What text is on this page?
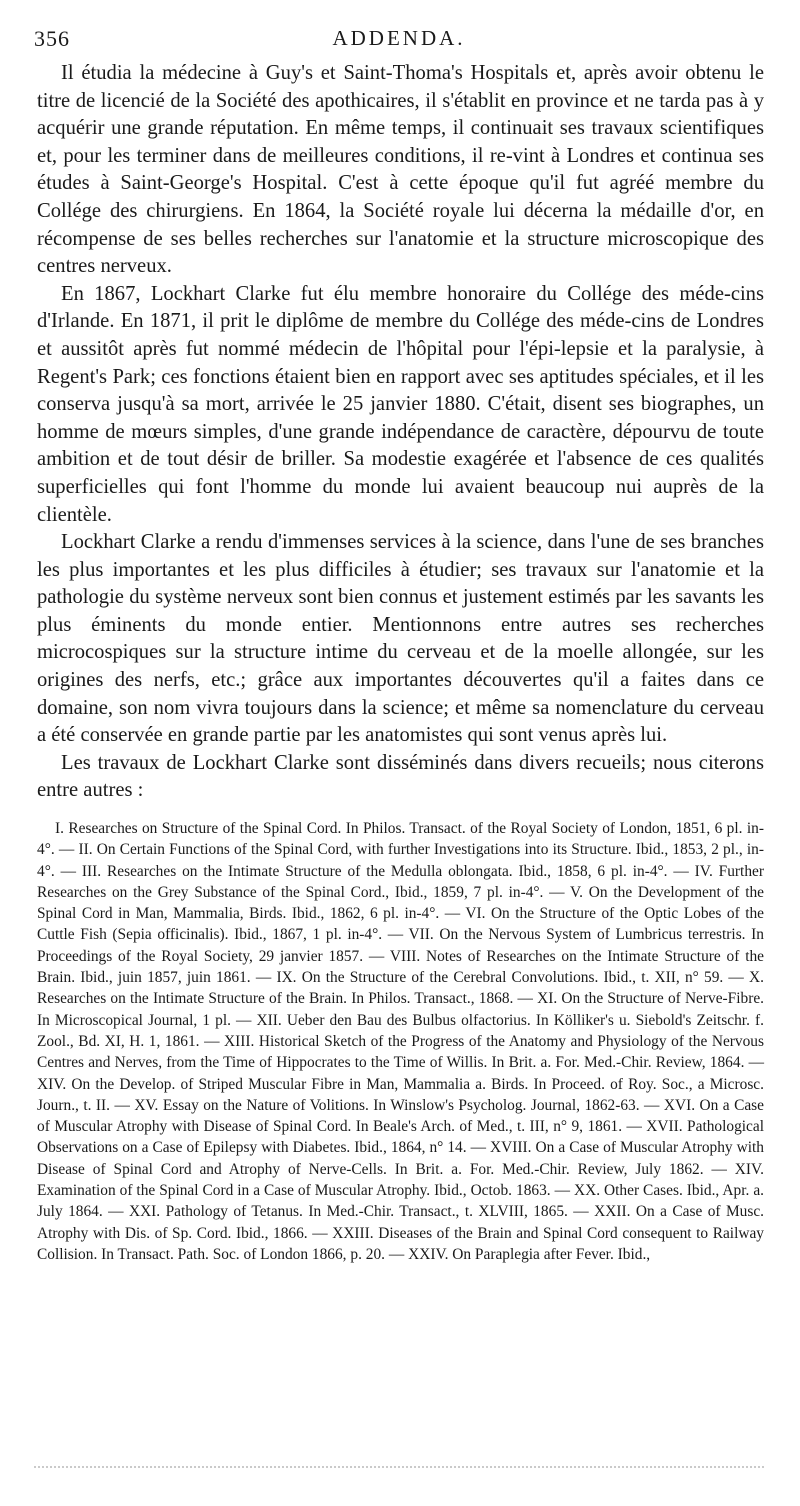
356	ADDENDA.

Il étudia la médecine à Guy's et Saint-Thoma's Hospitals et, après avoir obtenu le titre de licencié de la Société des apothicaires, il s'établit en province et ne tarda pas à y acquérir une grande réputation. En même temps, il continuait ses travaux scientifiques et, pour les terminer dans de meilleures conditions, il re-vint à Londres et continua ses études à Saint-George's Hospital. C'est à cette époque qu'il fut agréé membre du Collége des chirurgiens. En 1864, la Société royale lui décerna la médaille d'or, en récompense de ses belles recherches sur l'anatomie et la structure microscopique des centres nerveux.

En 1867, Lockhart Clarke fut élu membre honoraire du Collége des méde-cins d'Irlande. En 1871, il prit le diplôme de membre du Collége des méde-cins de Londres et aussitôt après fut nommé médecin de l'hôpital pour l'épi-lepsie et la paralysie, à Regent's Park; ces fonctions étaient bien en rapport avec ses aptitudes spéciales, et il les conserva jusqu'à sa mort, arrivée le 25 janvier 1880. C'était, disent ses biographes, un homme de mœurs simples, d'une grande indépendance de caractère, dépourvu de toute ambition et de tout désir de briller. Sa modestie exagérée et l'absence de ces qualités superficielles qui font l'homme du monde lui avaient beaucoup nui auprès de la clientèle.

Lockhart Clarke a rendu d'immenses services à la science, dans l'une de ses branches les plus importantes et les plus difficiles à étudier; ses travaux sur l'anatomie et la pathologie du système nerveux sont bien connus et justement estimés par les savants les plus éminents du monde entier. Mentionnons entre autres ses recherches microcospiques sur la structure intime du cerveau et de la moelle allongée, sur les origines des nerfs, etc.; grâce aux importantes découvertes qu'il a faites dans ce domaine, son nom vivra toujours dans la science; et même sa nomenclature du cerveau a été conservée en grande partie par les anatomistes qui sont venus après lui.

Les travaux de Lockhart Clarke sont disséminés dans divers recueils; nous citerons entre autres :

I. Researches on Structure of the Spinal Cord. In Philos. Transact. of the Royal Society of London, 1851, 6 pl. in-4°. — II. On Certain Functions of the Spinal Cord, with further Investigations into its Structure. Ibid., 1853, 2 pl., in-4°. — III. Researches on the Intimate Structure of the Medulla oblongata. Ibid., 1858, 6 pl. in-4°. — IV. Further Researches on the Grey Substance of the Spinal Cord., Ibid., 1859, 7 pl. in-4°. — V. On the Development of the Spinal Cord in Man, Mammalia, Birds. Ibid., 1862, 6 pl. in-4°. — VI. On the Structure of the Optic Lobes of the Cuttle Fish (Sepia officinalis). Ibid., 1867, 1 pl. in-4°. — VII. On the Nervous System of Lumbricus terrestris. In Proceedings of the Royal Society, 29 janvier 1857. — VIII. Notes of Researches on the Intimate Structure of the Brain. Ibid., juin 1857, juin 1861. — IX. On the Structure of the Cerebral Convolutions. Ibid., t. XII, n° 59. — X. Researches on the Intimate Structure of the Brain. In Philos. Transact., 1868. — XI. On the Structure of Nerve-Fibre. In Microscopical Journal, 1 pl. — XII. Ueber den Bau des Bulbus olfactorius. In Kölliker's u. Siebold's Zeitschr. f. Zool., Bd. XI, H. 1, 1861. — XIII. Historical Sketch of the Progress of the Anatomy and Physiology of the Nervous Centres and Nerves, from the Time of Hippocrates to the Time of Willis. In Brit. a. For. Med.-Chir. Review, 1864. — XIV. On the Develop. of Striped Muscular Fibre in Man, Mammalia a. Birds. In Proceed. of Roy. Soc., a Microsc. Journ., t. II. — XV. Essay on the Nature of Volitions. In Winslow's Psycholog. Journal, 1862-63. — XVI. On a Case of Muscular Atrophy with Disease of Spinal Cord. In Beale's Arch. of Med., t. III, n° 9, 1861. — XVII. Pathological Observations on a Case of Epilepsy with Diabetes. Ibid., 1864, n° 14. — XVIII. On a Case of Muscular Atrophy with Disease of Spinal Cord and Atrophy of Nerve-Cells. In Brit. a. For. Med.-Chir. Review, July 1862. — XIV. Examination of the Spinal Cord in a Case of Muscular Atrophy. Ibid., Octob. 1863. — XX. Other Cases. Ibid., Apr. a. July 1864. — XXI. Pathology of Tetanus. In Med.-Chir. Transact., t. XLVIII, 1865. — XXII. On a Case of Musc. Atrophy with Dis. of Sp. Cord. Ibid., 1866. — XXIII. Diseases of the Brain and Spinal Cord consequent to Railway Collision. In Transact. Path. Soc. of London 1866, p. 20. — XXIV. On Paraplegia after Fever. Ibid.,
